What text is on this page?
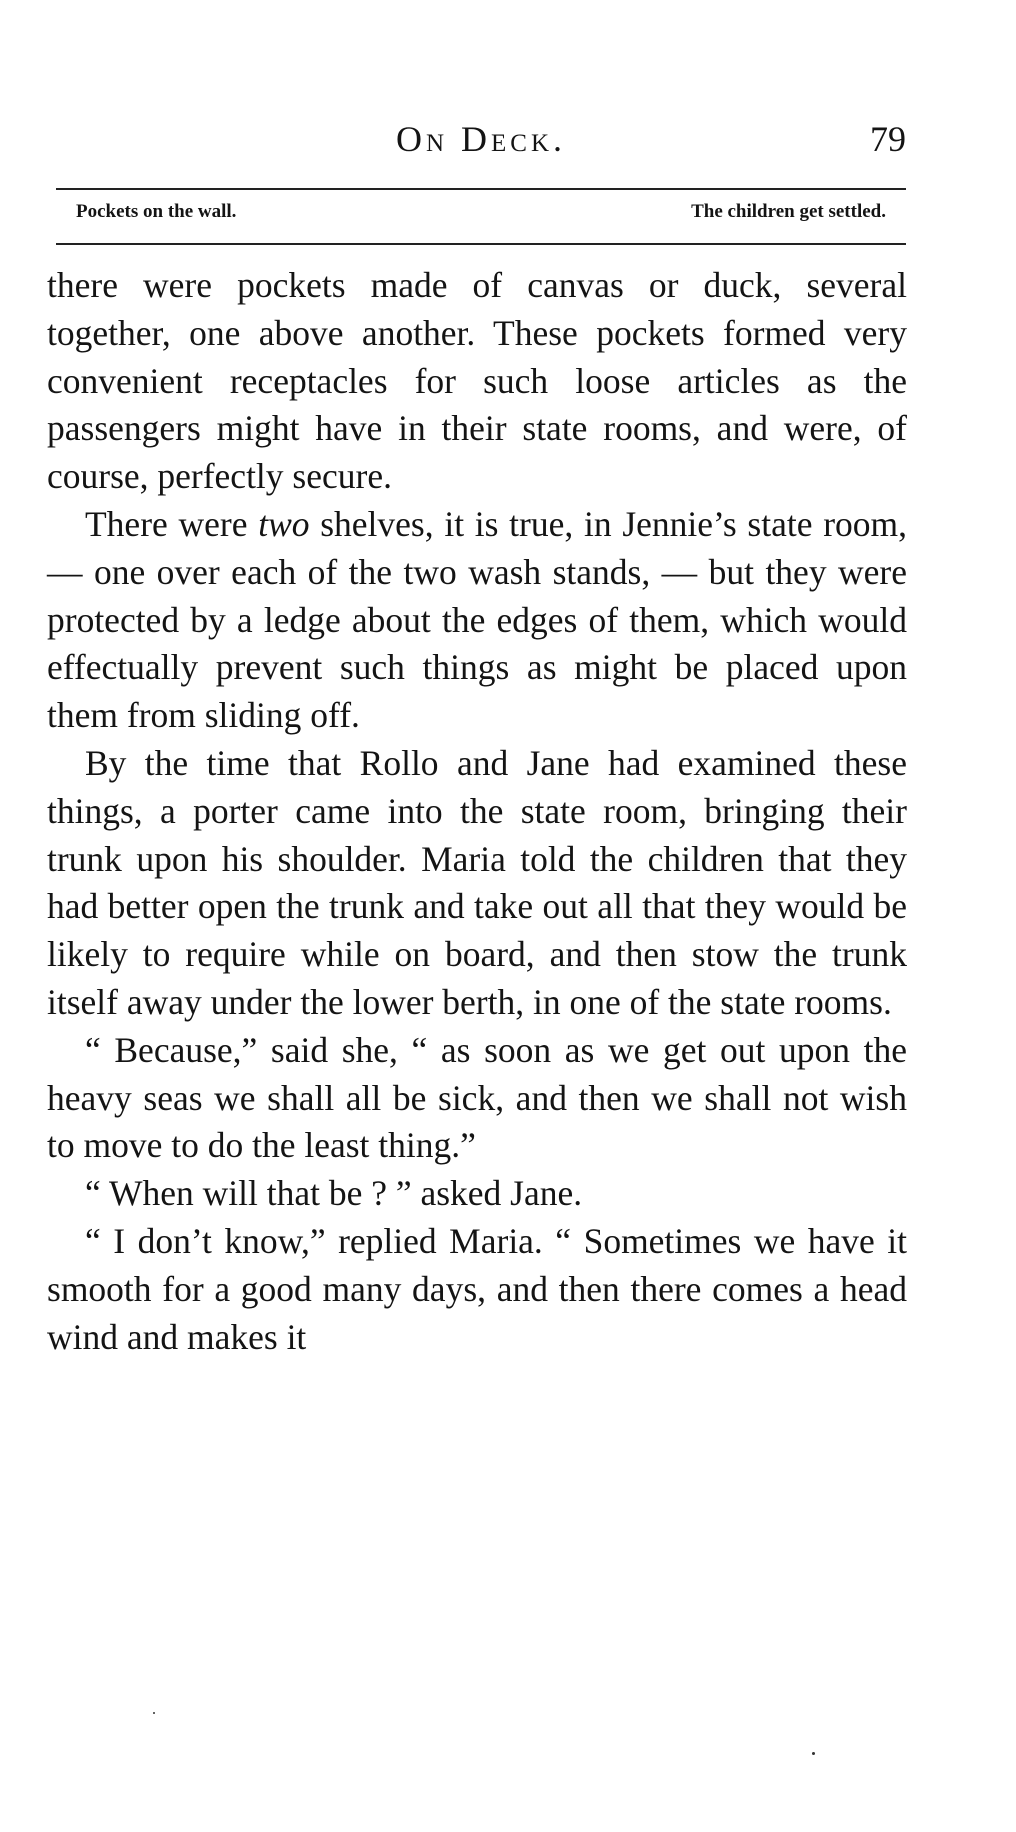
On Deck.	79
Pockets on the wall.	The children get settled.

there were pockets made of canvas or duck, several together, one above another. These pockets formed very convenient receptacles for such loose articles as the passengers might have in their state rooms, and were, of course, perfectly secure.

There were two shelves, it is true, in Jennie’s state room, — one over each of the two wash stands, — but they were protected by a ledge about the edges of them, which would effectually prevent such things as might be placed upon them from sliding off.

By the time that Rollo and Jane had examined these things, a porter came into the state room, bringing their trunk upon his shoulder. Maria told the children that they had better open the trunk and take out all that they would be likely to require while on board, and then stow the trunk itself away under the lower berth, in one of the state rooms.

“ Because,” said she, “ as soon as we get out upon the heavy seas we shall all be sick, and then we shall not wish to move to do the least thing.”

“ When will that be ? ” asked Jane.

“ I don’t know,” replied Maria. “ Sometimes we have it smooth for a good many days, and then there comes a head wind and makes it
